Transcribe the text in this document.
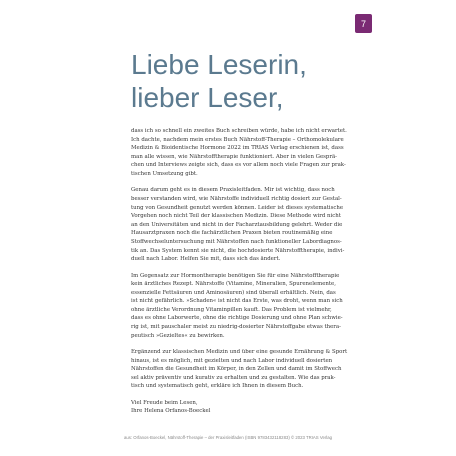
7
Liebe Leserin,
lieber Leser,

dass ich so schnell ein zweites Buch schreiben würde, habe ich nicht erwartet.
Ich dachte, nachdem mein erstes Buch Nährstoff-Therapie – Orthomolekulare
Medizin & Bioidentische Hormone 2022 im TRIAS Verlag erschienen ist, dass
man alle wissen, wie Nährstofftherapie funktioniert. Aber in vielen Gesprä-
chen und Interviews zeigte sich, dass es vor allem noch viele Fragen zur prak-
tischen Umsetzung gibt.

Genau darum geht es in diesem Praxisleitfaden. Mir ist wichtig, dass noch
besser verstanden wird, wie Nährstoffe individuell richtig dosiert zur Gestal-
tung von Gesundheit genutzt werden können. Leider ist dieses systematische
Vorgehen noch nicht Teil der klassischen Medizin. Diese Methode wird nicht
an den Universitäten und nicht in der Facharztausbildung gelehrt. Weder die
Hausarztpraxen noch die fachärztlichen Praxen bieten routinemäßig eine
Stoffwechseluntersuchung mit Nährstoffen nach funktioneller Labordiagnos-
tik an. Das System kennt sie nicht, die hochdosierte Nährstofftherapie, indivi-
duell nach Labor. Helfen Sie mit, dass sich das ändert.

Im Gegensatz zur Hormontherapie benötigen Sie für eine Nährstofftherapie
kein ärztliches Rezept. Nährstoffe (Vitamine, Mineralien, Spurenelemente,
essenzielle Fettsäuren und Aminosäuren) sind überall erhältlich. Nein, das
ist nicht gefährlich. »Schaden« ist nicht das Erste, was droht, wenn man sich
ohne ärztliche Verordnung Vitaminpillen kauft. Das Problem ist vielmehr,
dass es ohne Laborwerte, ohne die richtige Dosierung und ohne Plan schwie-
rig ist, mit pauschaler meist zu niedrig-dosierter Nährstoffgabe etwas thera-
peutisch »Gezieltes« zu bewirken.

Ergänzend zur klassischen Medizin und über eine gesunde Ernährung & Sport
hinaus, ist es möglich, mit gezielten und nach Labor individuell dosierten
Nährstoffen die Gesundheit im Körper, in den Zellen und damit im Stoffwech
sel aktiv präventiv und kurativ zu erhalten und zu gestalten. Wie das prak-
tisch und systematisch geht, erkläre ich Ihnen in diesem Buch.

Viel Freude beim Lesen,
Ihre Helena Orfanos-Boeckel

aus: Orfanos-Boeckel, Nährstoff-Therapie – der Praxisleitfaden (ISBN 9783432118283) © 2023 TRIAS Verlag
